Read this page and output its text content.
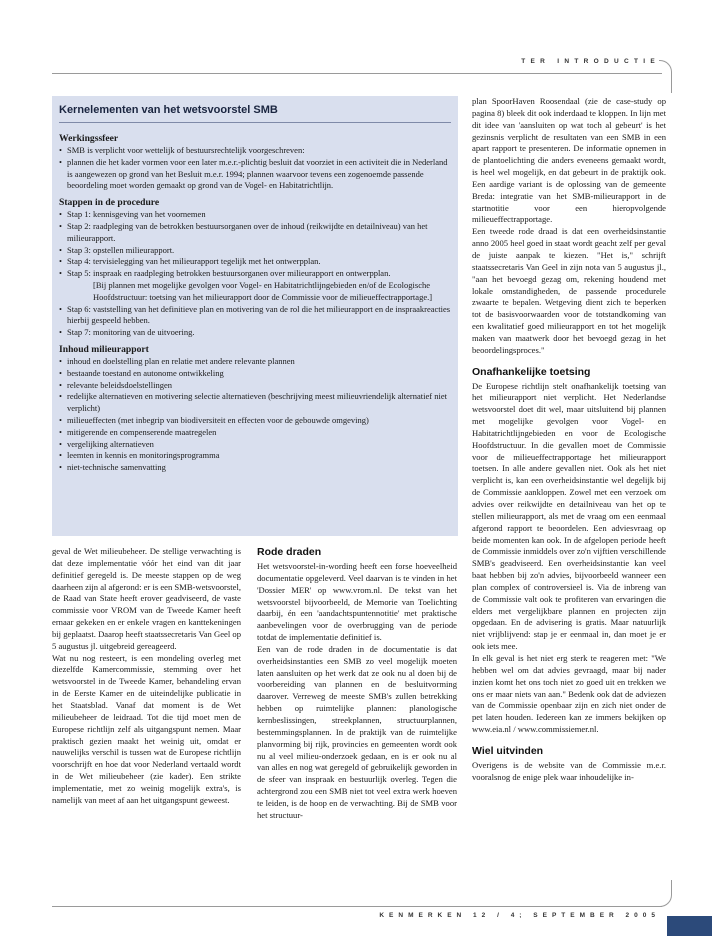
TER INTRODUCTIE
Kernelementen van het wetsvoorstel SMB
Werkingssfeer
• SMB is verplicht voor wettelijk of bestuursrechtelijk voorgeschreven:
• plannen die het kader vormen voor een later m.e.r.-plichtig besluit dat voorziet in een activiteit die in Nederland is aangewezen op grond van het Besluit m.e.r. 1994; plannen waarvoor tevens een zogenoemde passende beoordeling moet worden gemaakt op grond van de Vogel- en Habitatrichtlijn.
Stappen in de procedure
• Stap 1: kennisgeving van het voornemen
• Stap 2: raadpleging van de betrokken bestuursorganen over de inhoud (reikwijdte en detailniveau) van het milieurapport.
• Stap 3: opstellen milieurapport.
• Stap 4: tervisielegging van het milieurapport tegelijk met het ontwerpplan.
• Stap 5: inspraak en raadpleging betrokken bestuursorganen over milieurapport en ontwerpplan.
[Bij plannen met mogelijke gevolgen voor Vogel- en Habitatrichtlijngebieden en/of de Ecologische Hoofdstructuur: toetsing van het milieurapport door de Commissie voor de milieueffectrapportage.]
• Stap 6: vaststelling van het definitieve plan en motivering van de rol die het milieurapport en de inspraakreacties hierbij gespeeld hebben.
• Stap 7: monitoring van de uitvoering.
Inhoud milieurapport
• inhoud en doelstelling plan en relatie met andere relevante plannen
• bestaande toestand en autonome ontwikkeling
• relevante beleidsdoelstellingen
• redelijke alternatieven en motivering selectie alternatieven (beschrijving meest milieuvriendelijk alternatief niet verplicht)
• milieueffecten (met inbegrip van biodiversiteit en effecten voor de gebouwde omgeving)
• mitigerende en compenserende maatregelen
• vergelijking alternatieven
• leemten in kennis en monitoringsprogramma
• niet-technische samenvatting

geval de Wet milieubeheer. De stellige verwachting is dat deze implementatie vóór het eind van dit jaar definitief geregeld is. De meeste stappen op de weg daarheen zijn al afgerond: er is een SMB-wetsvoorstel, de Raad van State heeft erover geadviseerd, de vaste commissie voor VROM van de Tweede Kamer heeft ernaar gekeken en er enkele vragen en kanttekeningen bij geplaatst. Daarop heeft staatssecretaris Van Geel op 5 augustus jl. uitgebreid gereageerd.

Wat nu nog resteert, is een mondeling overleg met diezelfde Kamercommissie, stemming over het wetsvoorstel in de Tweede Kamer, behandeling ervan in de Eerste Kamer en de uiteindelijke publicatie in het Staatsblad. Vanaf dat moment is de Wet milieubeheer de leidraad. Tot die tijd moet men de Europese richtlijn zelf als uitgangspunt nemen. Maar praktisch gezien maakt het weinig uit, omdat er nauwelijks verschil is tussen wat de Europese richtlijn voorschrijft en hoe dat voor Nederland vertaald wordt in de Wet milieubeheer (zie kader). Een strikte implementatie, met zo weinig mogelijk extra's, is namelijk van meet af aan het uitgangspunt geweest.

Rode draden

Het wetsvoorstel-in-wording heeft een forse hoeveelheid documentatie opgeleverd. Veel daarvan is te vinden in het 'Dossier MER' op www.vrom.nl. De tekst van het wetsvoorstel bijvoorbeeld, de Memorie van Toelichting daarbij, én een 'aandachtspuntennotitie' met praktische aanbevelingen voor de overbrugging van de periode totdat de implementatie definitief is.

Een van de rode draden in de documentatie is dat overheidsinstanties een SMB zo veel mogelijk moeten laten aansluiten op het werk dat ze ook nu al doen bij de voorbereiding van plannen en de besluitvorming daarover. Verreweg de meeste SMB's zullen betrekking hebben op ruimtelijke plannen: planologische kernbeslissingen, streekplannen, structuurplannen, bestemmingsplannen. In de praktijk van de ruimtelijke planvorming bij rijk, provincies en gemeenten wordt ook nu al veel milieu-onderzoek gedaan, en is er ook nu al van alles en nog wat geregeld of gebruikelijk geworden in de sfeer van inspraak en bestuurlijk overleg. Tegen die achtergrond zou een SMB niet tot veel extra werk hoeven te leiden, is de hoop en de verwachting. Bij de SMB voor het structuur-

plan SpoorHaven Roosendaal (zie de case-study op pagina 8) bleek dit ook inderdaad te kloppen. In lijn met dit idee van 'aansluiten op wat toch al gebeurt' is het gezinsnis verplicht de resultaten van een SMB in een apart rapport te presenteren. De informatie opnemen in de plantoelichting die anders eveneens gemaakt wordt, is heel wel mogelijk, en dat gebeurt in de praktijk ook. Een aardige variant is de oplossing van de gemeente Breda: integratie van het SMB-milieurapport in de startnotitie voor een hieropvolgende milieueffectrapportage.

Een tweede rode draad is dat een overheidsinstantie anno 2005 heel goed in staat wordt geacht zelf per geval de juiste aanpak te kiezen. "Het is," schrijft staatssecretaris Van Geel in zijn nota van 5 augustus jl., "aan het bevoegd gezag om, rekening houdend met lokale omstandigheden, de passende procedurele zwaarte te bepalen. Wetgeving dient zich te beperken tot de basisvoorwaarden voor de totstandkoming van een kwalitatief goed milieurapport en tot het mogelijk maken van maatwerk door het bevoegd gezag in het beoordelingsproces."

Onafhankelijke toetsing

De Europese richtlijn stelt onafhankelijk toetsing van het milieurapport niet verplicht. Het Nederlandse wetsvoorstel doet dit wel, maar uitsluitend bij plannen met mogelijke gevolgen voor Vogel- en Habitatrichtlijngebieden en voor de Ecologische Hoofdstructuur. In die gevallen moet de Commissie voor de milieueffectrapportage het milieurapport toetsen. In alle andere gevallen niet. Ook als het niet verplicht is, kan een overheidsinstantie wel degelijk bij de Commissie aankloppen. Zowel met een verzoek om advies over reikwijdte en detailniveau van het op te stellen milieurapport, als met de vraag om een eenmaal afgerond rapport te beoordelen. Een adviesvraag op beide momenten kan ook. In de afgelopen periode heeft de Commissie inmiddels over zo'n vijftien verschillende SMB's geadviseerd. Een overheidsinstantie kan veel baat hebben bij zo'n advies, bijvoorbeeld wanneer een plan complex of controversieel is. Via de inbreng van de Commissie valt ook te profiteren van ervaringen die elders met vergelijkbare plannen en projecten zijn opgedaan. En de advisering is gratis. Maar natuurlijk niet vrijblijvend: stap je er eenmaal in, dan moet je er ook iets mee.

In elk geval is het niet erg sterk te reageren met: "We hebben wel om dat advies gevraagd, maar bij nader inzien komt het ons toch niet zo goed uit en trekken we ons er maar niets van aan." Bedenk ook dat de adviezen van de Commissie openbaar zijn en zich niet onder de pet laten houden. Iedereen kan ze immers bekijken op www.eia.nl / www.commissiemer.nl.

Wiel uitvinden

Overigens is de website van de Commissie m.e.r. vooralsnog de enige plek waar inhoudelijke in-

KENMERKEN 12 / 4; SEPTEMBER 2005
